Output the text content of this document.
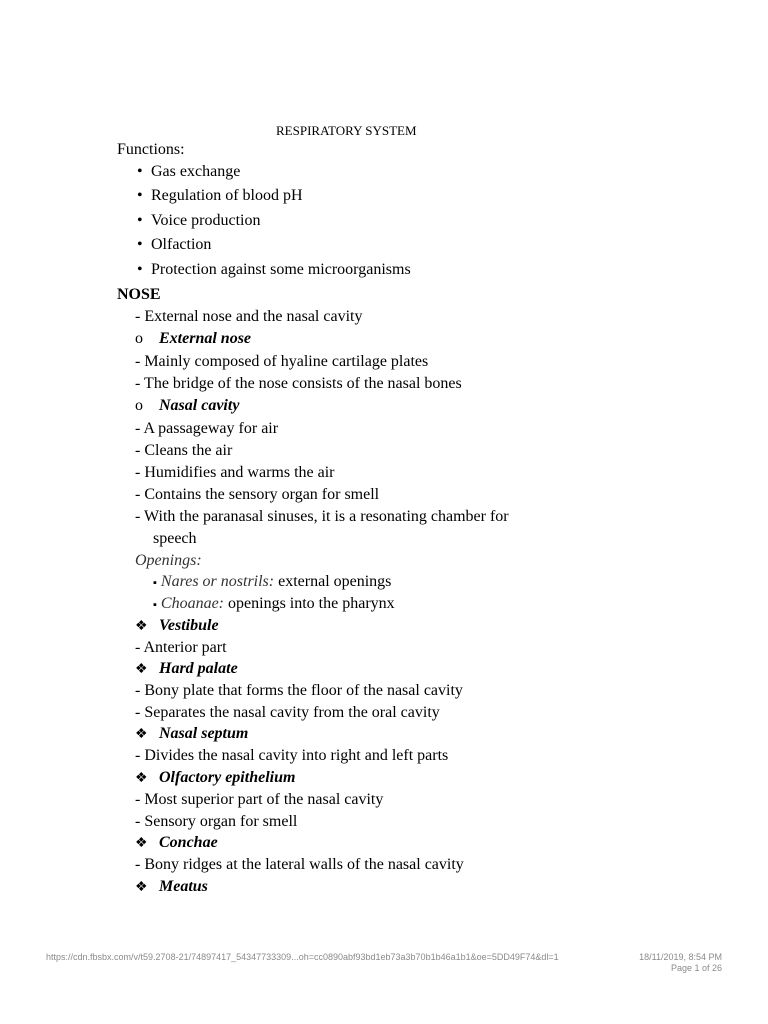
RESPIRATORY SYSTEM
Functions:
• Gas exchange
• Regulation of blood pH
• Voice production
• Olfaction
• Protection against some microorganisms
NOSE
- External nose and the nasal cavity
o External nose
- Mainly composed of hyaline cartilage plates
- The bridge of the nose consists of the nasal bones
o Nasal cavity
- A passageway for air
- Cleans the air
- Humidifies and warms the air
- Contains the sensory organ for smell
- With the paranasal sinuses, it is a resonating chamber for
speech
Openings:
▪ Nares or nostrils: external openings
▪ Choanae: openings into the pharynx
❖ Vestibule
- Anterior part
❖ Hard palate
- Bony plate that forms the floor of the nasal cavity
- Separates the nasal cavity from the oral cavity
❖ Nasal septum
- Divides the nasal cavity into right and left parts
❖ Olfactory epithelium
- Most superior part of the nasal cavity
- Sensory organ for smell
❖ Conchae
- Bony ridges at the lateral walls of the nasal cavity
❖ Meatus
https://cdn.fbsbx.com/v/t59.2708-21/74897417_54347733309...oh=cc0890abf93bd1eb73a3b70b1b46a1b1&oe=5DD49F74&dl=1	18/11/2019, 8:54 PM
Page 1 of 26
